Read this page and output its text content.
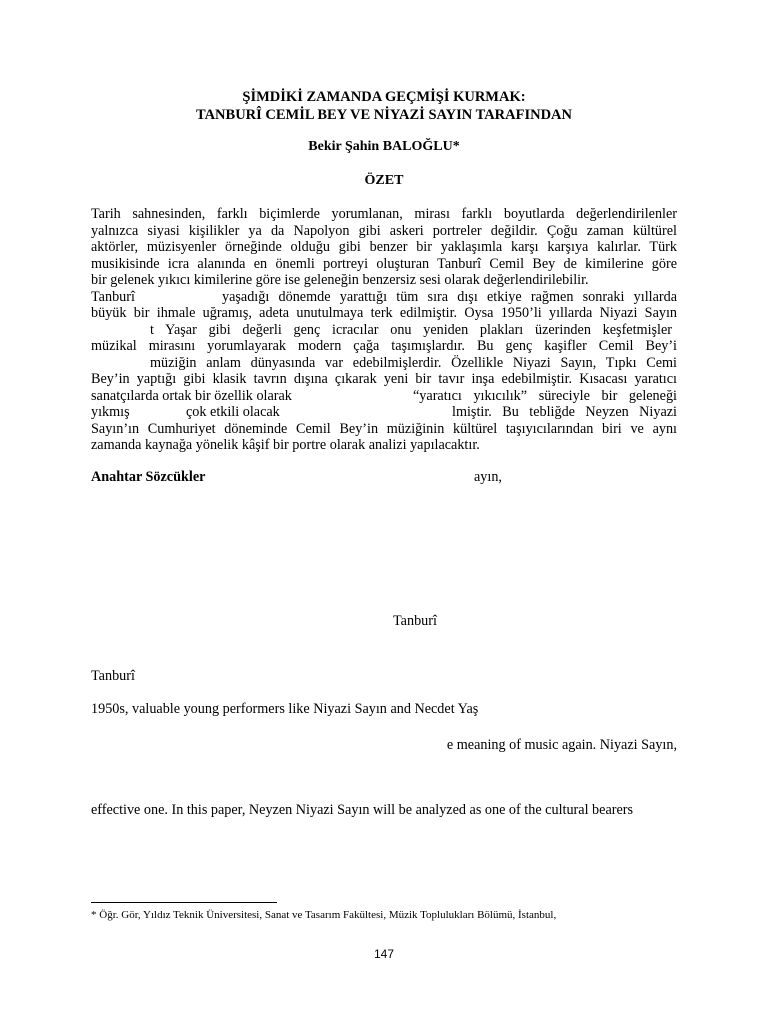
ŞİMDİKİ ZAMANDA GEÇMİŞİ KURMAK:
TANBURÎ CEMİL BEY VE NİYAZİ SAYIN TARAFINDAN
Bekir Şahin BALOĞLU*
ÖZET
Tarih sahnesinden, farklı biçimlerde yorumlanan, mirası farklı boyutlarda değerlendirilenler
yalnızca siyasi kişilikler ya da Napolyon gibi askeri portreler değildir. Çoğu zaman kültürel
aktörler, müzisyenler örneğinde olduğu gibi benzer bir yaklaşımla karşı karşıya kalırlar. Türk
musikisinde icra alanında en önemli portreyi oluşturan Tanburî Cemil Bey de kimilerine göre
bir gelenek yıkıcı kimilerine göre ise geleneğin benzersiz sesi olarak değerlendirilebilir.
Tanburî	yaşadığı dönemde yarattığı tüm sıra dışı etkiye rağmen sonraki yıllarda
büyük bir ihmale uğramış, adeta unutulmaya terk edilmiştir. Oysa 1950’li yıllarda Niyazi Sayın
t Yaşar gibi değerli genç icracılar onu yeniden plakları üzerinden keşfetmişler
müzikal mirasını yorumlayarak modern çağa taşımışlardır. Bu genç kaşifler Cemil Bey’i
müziğin anlam dünyasında var edebilmişlerdir. Özellikle Niyazi Sayın, Tıpkı Cemi
Bey’in yaptığı gibi klasik tavrın dışına çıkarak yeni bir tavır inşa edebilmiştir. Kısacası yaratıcı
sanatçılarda ortak bir özellik olarak	“yaratıcı yıkıcılık” süreciyle bir geleneği
yıkmış	çok etkili olacak	lmiştir. Bu tebliğde Neyzen Niyazi
Sayın’ın Cumhuriyet döneminde Cemil Bey’in müziğinin kültürel taşıyıcılarından biri ve aynı
zamanda kaynağa yönelik kâşif bir portre olarak analizi yapılacaktır.
Anahtar Sözcükler	ayın,
Tanburî
Tanburî
1950s, valuable young performers like Niyazi Sayın and Necdet Yaş
e meaning of music again. Niyazi Sayın,
effective one. In this paper, Neyzen Niyazi Sayın will be analyzed as one of the cultural bearers
* Öğr. Gör, Yıldız Teknik Üniversitesi, Sanat ve Tasarım Fakültesi, Müzik Toplulukları Bölümü, İstanbul,
147
